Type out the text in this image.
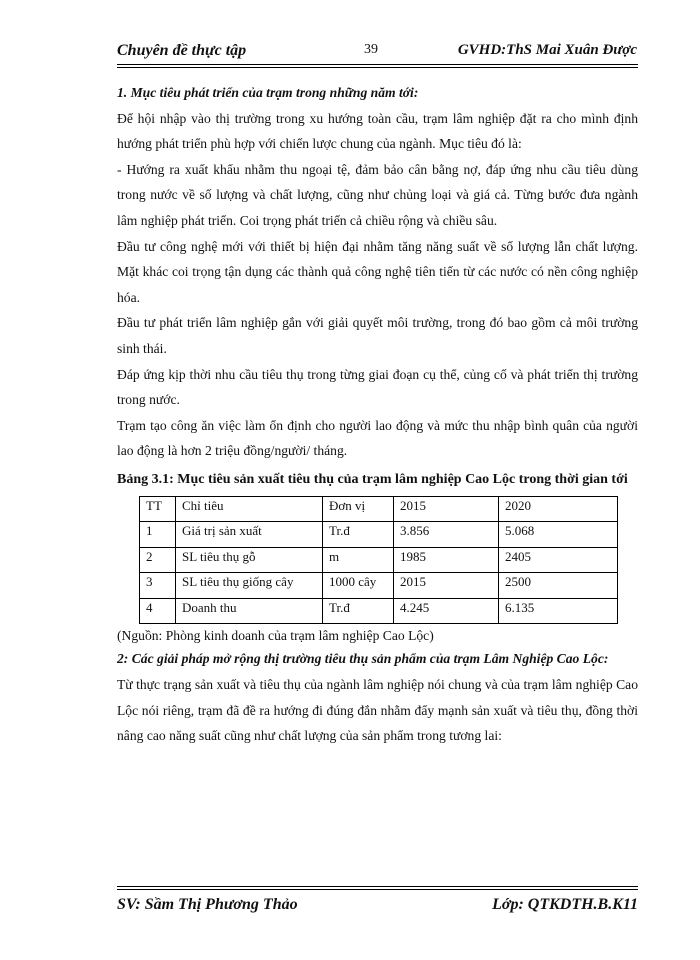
Chuyên đề thực tập	39	GVHD:ThS Mai Xuân Được

1. Mục tiêu phát triển của trạm trong những năm tới:

Để hội nhập vào thị trường trong xu hướng toàn cầu, trạm lâm nghiệp đặt ra cho mình định hướng phát triển phù hợp với chiến lược chung của ngành. Mục tiêu đó là:

- Hướng ra xuất khẩu nhằm thu ngoại tệ, đảm bảo cân bằng nợ, đáp ứng nhu cầu tiêu dùng trong nước về số lượng và chất lượng, cũng như chủng loại và giá cả. Từng bước đưa ngành lâm nghiệp phát triển. Coi trọng phát triển cả chiều rộng và chiều sâu.

Đầu tư công nghệ mới với thiết bị hiện đại nhằm tăng năng suất về số lượng lẫn chất lượng. Mặt khác coi trọng tận dụng các thành quả công nghệ tiên tiến từ các nước có nền công nghiệp hóa.

Đầu tư phát triển lâm nghiệp gắn với giải quyết môi trường, trong đó bao gồm cả môi trường sinh thái.

Đáp ứng kịp thời nhu cầu tiêu thụ trong từng giai đoạn cụ thể, củng cố và phát triển thị trường trong nước.

Trạm tạo công ăn việc làm ổn định cho người lao động và mức thu nhập bình quân của người lao động là hơn 2 triệu đồng/người/ tháng.

Bảng 3.1: Mục tiêu sản xuất tiêu thụ của trạm lâm nghiệp Cao Lộc trong thời gian tới

TT	Chỉ tiêu	Đơn vị	2015	2020
1	Giá trị sản xuất	Tr.đ	3.856	5.068
2	SL tiêu thụ gỗ	m	1985	2405
3	SL tiêu thụ giống cây	1000 cây	2015	2500
4	Doanh thu	Tr.đ	4.245	6.135

(Nguồn: Phòng kinh doanh của trạm lâm nghiệp Cao Lộc)

2: Các giải pháp mở rộng thị trường tiêu thụ sản phẩm của trạm Lâm Nghiệp Cao Lộc:

Từ thực trạng sản xuất và tiêu thụ của ngành lâm nghiệp nói chung và của trạm lâm nghiệp Cao Lộc nói riêng, trạm đã đề ra hướng đi đúng đắn nhằm đẩy mạnh sản xuất và tiêu thụ, đồng thời nâng cao năng suất cũng như chất lượng của sản phẩm trong tương lai:

SV: Sầm Thị Phương Thảo	Lớp: QTKDTH.B.K11
